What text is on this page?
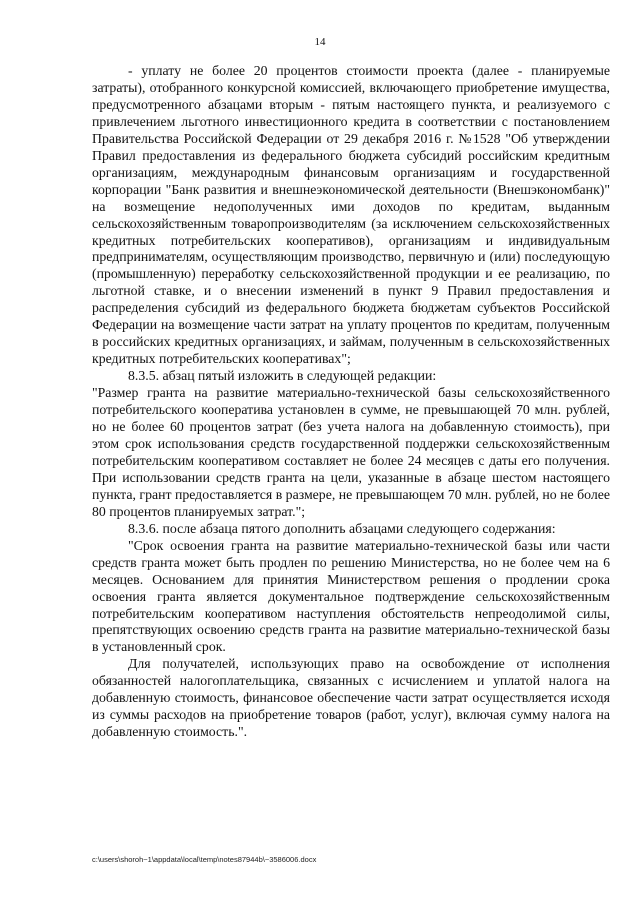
14

- уплату не более 20 процентов стоимости проекта (далее - планируемые затраты), отобранного конкурсной комиссией, включающего приобретение имущества, предусмотренного абзацами вторым - пятым настоящего пункта, и реализуемого с привлечением льготного инвестиционного кредита в соответствии с постановлением Правительства Российской Федерации от 29 декабря 2016 г. №1528 "Об утверждении Правил предоставления из федерального бюджета субсидий российским кредитным организациям, международным финансовым организациям и государственной корпорации "Банк развития и внешнеэкономической деятельности (Внешэкономбанк)" на возмещение недополученных ими доходов по кредитам, выданным сельскохозяйственным товаропроизводителям (за исключением сельскохозяйственных кредитных потребительских кооперативов), организациям и индивидуальным предпринимателям, осуществляющим производство, первичную и (или) последующую (промышленную) переработку сельскохозяйственной продукции и ее реализацию, по льготной ставке, и о внесении изменений в пункт 9 Правил предоставления и распределения субсидий из федерального бюджета бюджетам субъектов Российской Федерации на возмещение части затрат на уплату процентов по кредитам, полученным в российских кредитных организациях, и займам, полученным в сельскохозяйственных кредитных потребительских кооперативах";

8.3.5. абзац пятый изложить в следующей редакции:

"Размер гранта на развитие материально-технической базы сельскохозяйственного потребительского кооператива установлен в сумме, не превышающей 70 млн. рублей, но не более 60 процентов затрат (без учета налога на добавленную стоимость), при этом срок использования средств государственной поддержки сельскохозяйственным потребительским кооперативом составляет не более 24 месяцев с даты его получения. При использовании средств гранта на цели, указанные в абзаце шестом настоящего пункта, грант предоставляется в размере, не превышающем 70 млн. рублей, но не более 80 процентов планируемых затрат.";

8.3.6. после абзаца пятого дополнить абзацами следующего содержания:

"Срок освоения гранта на развитие материально-технической базы или части средств гранта может быть продлен по решению Министерства, но не более чем на 6 месяцев. Основанием для принятия Министерством решения о продлении срока освоения гранта является документальное подтверждение сельскохозяйственным потребительским кооперативом наступления обстоятельств непреодолимой силы, препятствующих освоению средств гранта на развитие материально-технической базы в установленный срок.

Для получателей, использующих право на освобождение от исполнения обязанностей налогоплательщика, связанных с исчислением и уплатой налога на добавленную стоимость, финансовое обеспечение части затрат осуществляется исходя из суммы расходов на приобретение товаров (работ, услуг), включая сумму налога на добавленную стоимость.".

c:\users\shoroh~1\appdata\local\temp\notes87944b\~3586006.docx
